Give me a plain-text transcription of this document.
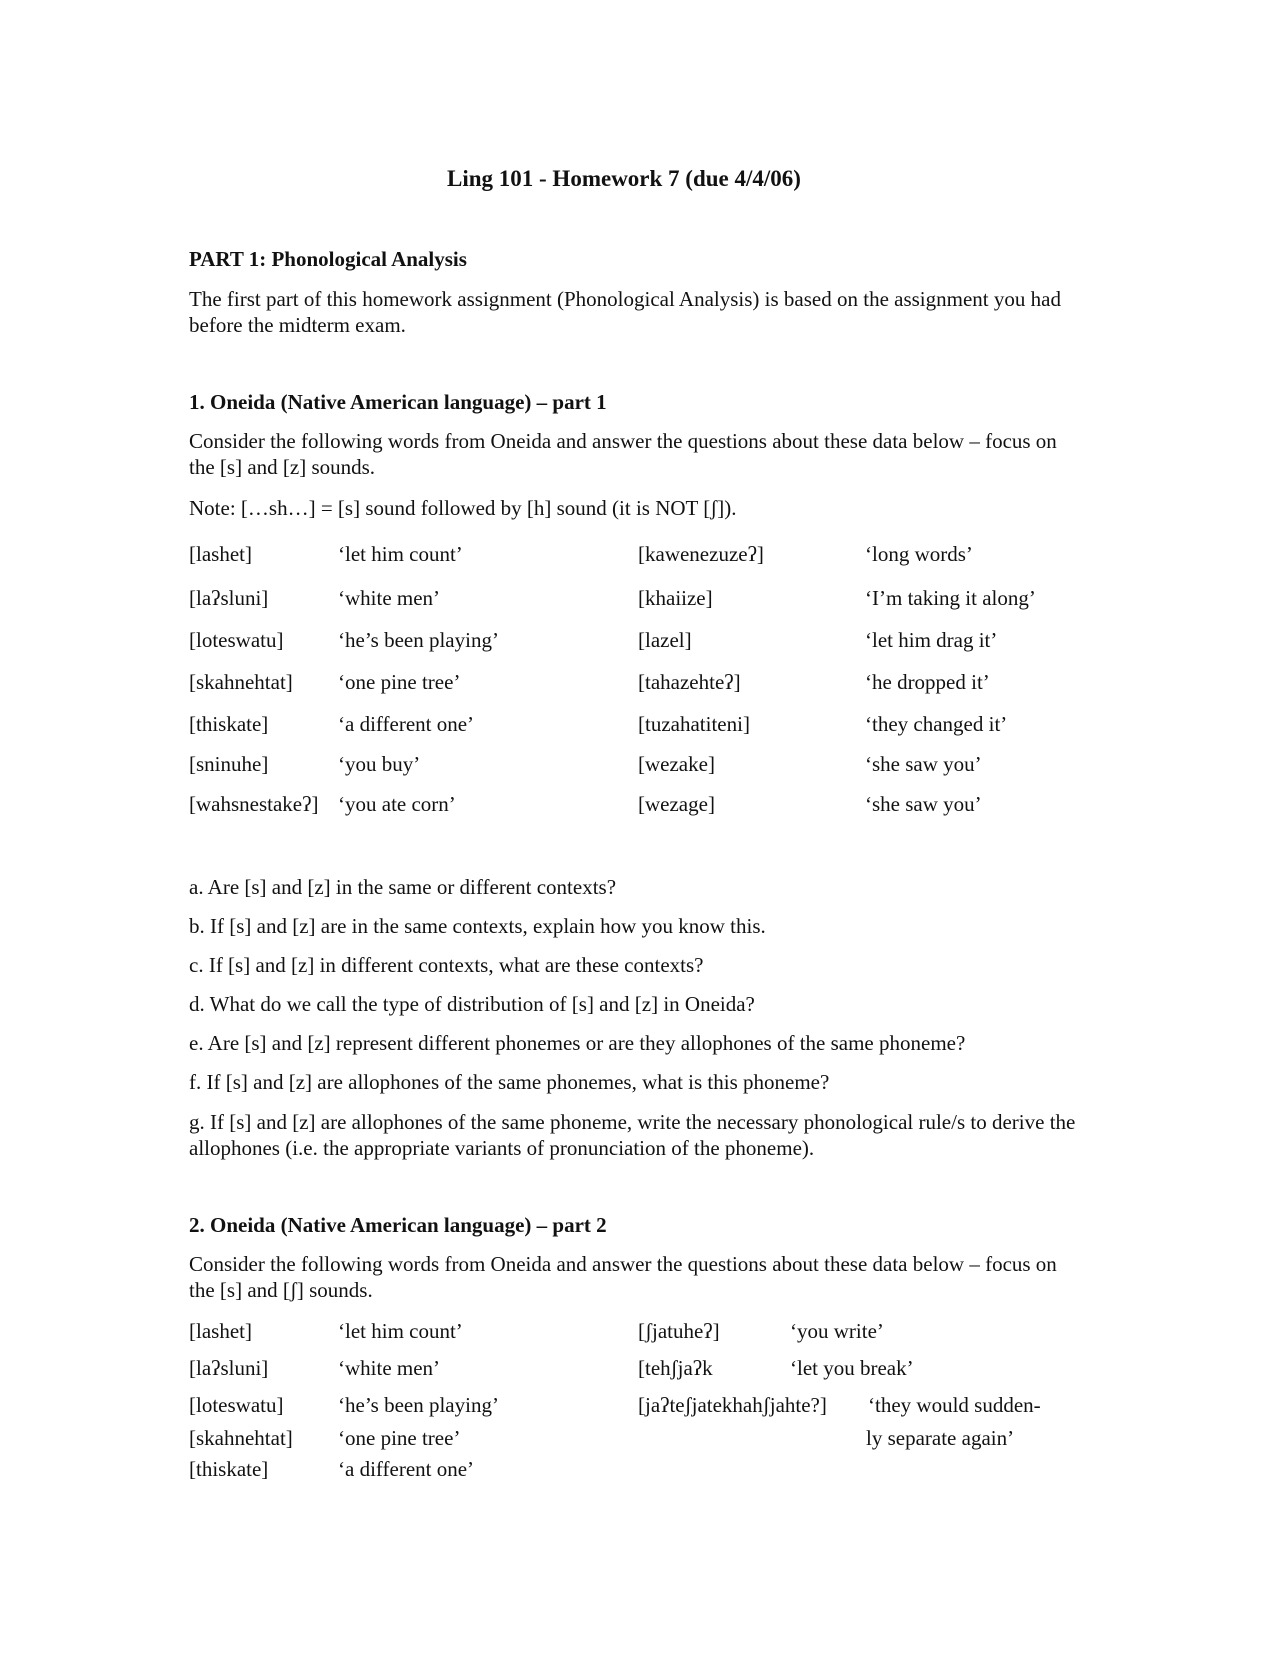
Ling 101 - Homework 7 (due 4/4/06)
PART 1: Phonological Analysis
The first part of this homework assignment (Phonological Analysis) is based on the assignment you had before the midterm exam.
1. Oneida (Native American language) – part 1
Consider the following words from Oneida and answer the questions about these data below – focus on the [s] and [z] sounds.
Note: […sh…] = [s] sound followed by [h] sound (it is NOT [ʃ]).
[lashet]	‘let him count’	[kawenezuzeʔ]	‘long words’
[laʔsluni]	‘white men’	[khaiize]	‘I’m taking it along’
[loteswatu]	‘he’s been playing’	[lazel]	‘let him drag it’
[skahnehtat] ‘one pine tree’	[tahazehteʔ]	‘he dropped it’
[thiskate]	‘a different one’	[tuzahatiteni]	‘they changed it’
[sninuhe]	‘you buy’	[wezake]	‘she saw you’
[wahsnestakeʔ] ‘you ate corn’	[wezage]	‘she saw you’
a. Are [s] and [z] in the same or different contexts?
b. If [s] and [z] are in the same contexts, explain how you know this.
c. If [s] and [z] in different contexts, what are these contexts?
d. What do we call the type of distribution of [s] and [z] in Oneida?
e. Are [s] and [z] represent different phonemes or are they allophones of the same phoneme?
f. If [s] and [z] are allophones of the same phonemes, what is this phoneme?
g. If [s] and [z] are allophones of the same phoneme, write the necessary phonological rule/s to derive the allophones (i.e. the appropriate variants of pronunciation of the phoneme).
2. Oneida (Native American language) – part 2
Consider the following words from Oneida and answer the questions about these data below – focus on the [s] and [ʃ] sounds.
[lashet]	‘let him count’	[ʃjatuheʔ]	‘you write’
[laʔsluni]	‘white men’	[tehʃjaʔk	‘let you break’
[loteswatu]	‘he’s been playing’	[jaʔteʃjatekhahʃjahte?] ‘they would sudden-
[skahnehtat] ‘one pine tree’	ly separate again’
[thiskate]	‘a different one’
